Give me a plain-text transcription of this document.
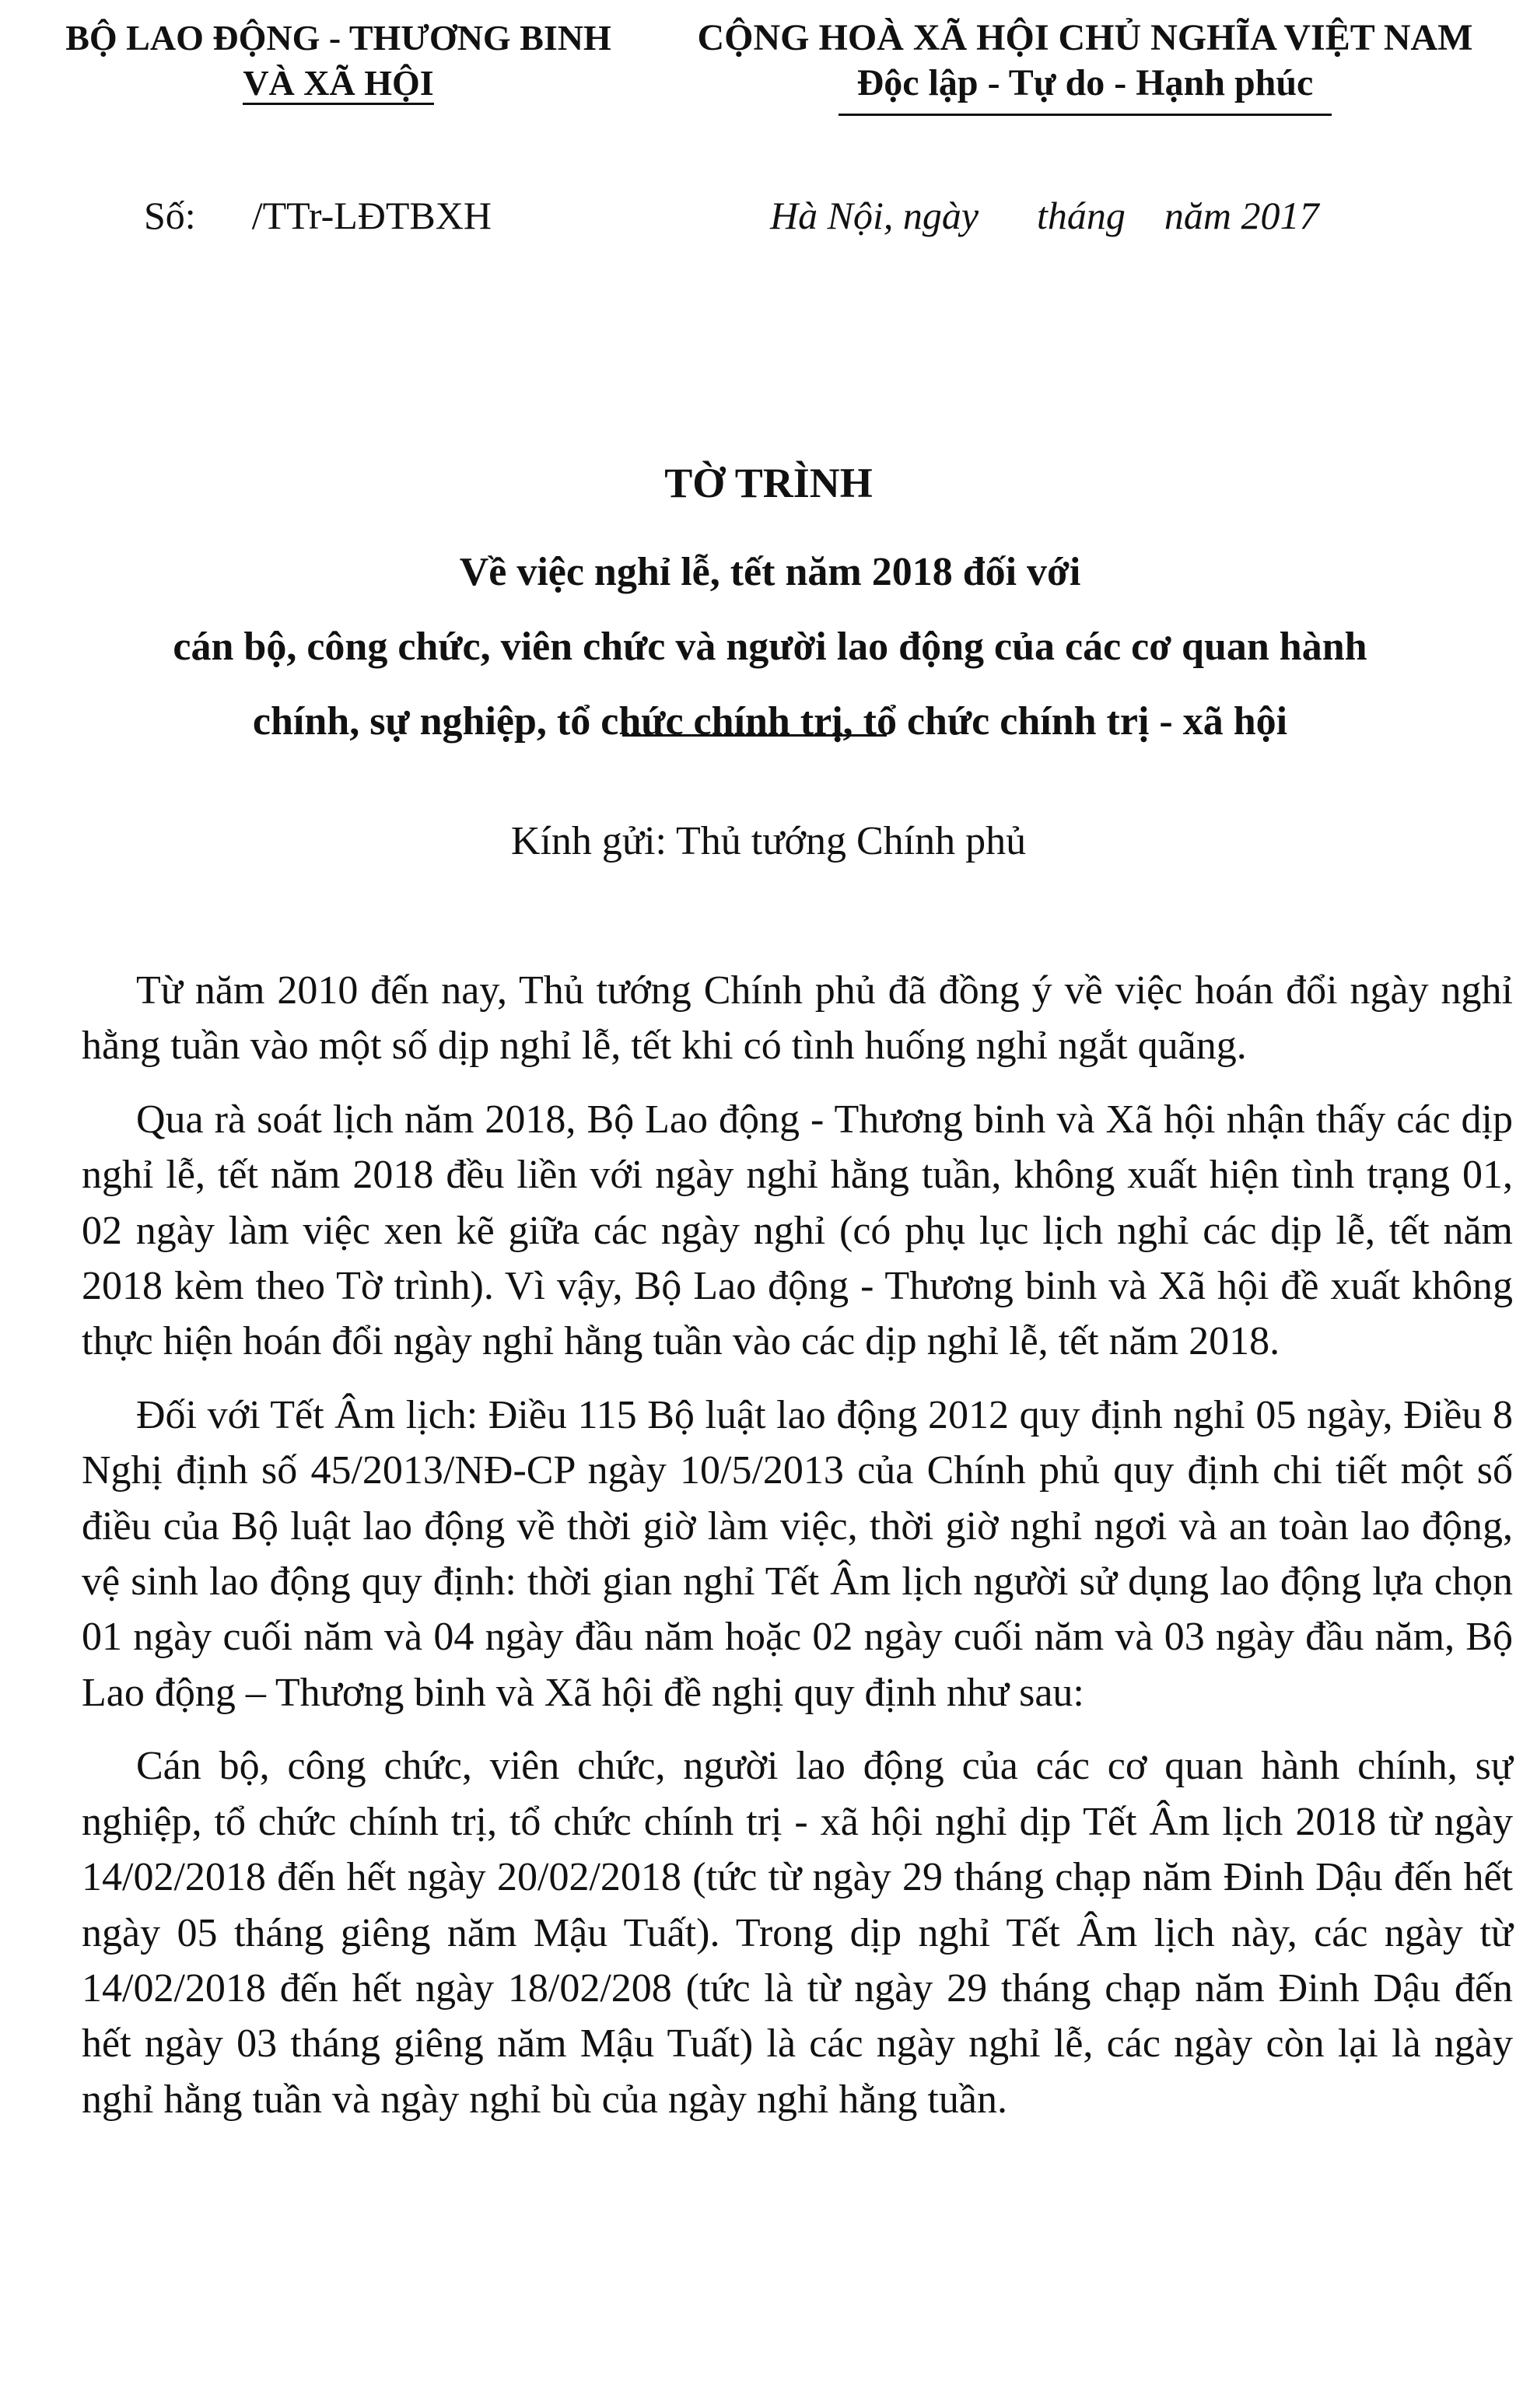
BỘ LAO ĐỘNG - THƯƠNG BINH
VÀ XÃ HỘI
CỘNG HOÀ XÃ HỘI CHỦ NGHĨA VIỆT NAM
Độc lập - Tự do - Hạnh phúc
Số: /TTr-LĐTBXH	Hà Nội, ngày      tháng    năm 2017
TỜ TRÌNH
Về việc nghỉ lễ, tết năm 2018 đối với
cán bộ, công chức, viên chức và người lao động của các cơ quan hành
chính, sự nghiệp, tổ chức chính trị, tổ chức chính trị - xã hội
Kính gửi: Thủ tướng Chính phủ

Từ năm 2010 đến nay, Thủ tướng Chính phủ đã đồng ý về việc hoán đổi ngày nghỉ hằng tuần vào một số dịp nghỉ lễ, tết khi có tình huống nghỉ ngắt quãng.

Qua rà soát lịch năm 2018, Bộ Lao động - Thương binh và Xã hội nhận thấy các dịp nghỉ lễ, tết năm 2018 đều liền với ngày nghỉ hằng tuần, không xuất hiện tình trạng 01, 02 ngày làm việc xen kẽ giữa các ngày nghỉ (có phụ lục lịch nghỉ các dịp lễ, tết năm 2018 kèm theo Tờ trình). Vì vậy, Bộ Lao động - Thương binh và Xã hội đề xuất không thực hiện hoán đổi ngày nghỉ hằng tuần vào các dịp nghỉ lễ, tết năm 2018.

Đối với Tết Âm lịch: Điều 115 Bộ luật lao động 2012 quy định nghỉ 05 ngày, Điều 8 Nghị định số 45/2013/NĐ-CP ngày 10/5/2013 của Chính phủ quy định chi tiết một số điều của Bộ luật lao động về thời giờ làm việc, thời giờ nghỉ ngơi và an toàn lao động, vệ sinh lao động quy định: thời gian nghỉ Tết Âm lịch người sử dụng lao động lựa chọn 01 ngày cuối năm và 04 ngày đầu năm hoặc 02 ngày cuối năm và 03 ngày đầu năm, Bộ Lao động – Thương binh và Xã hội đề nghị quy định như sau:

Cán bộ, công chức, viên chức, người lao động của các cơ quan hành chính, sự nghiệp, tổ chức chính trị, tổ chức chính trị - xã hội nghỉ dịp Tết Âm lịch 2018 từ ngày 14/02/2018 đến hết ngày 20/02/2018 (tức từ ngày 29 tháng chạp năm Đinh Dậu đến hết ngày 05 tháng giêng năm Mậu Tuất). Trong dịp nghỉ Tết Âm lịch này, các ngày từ 14/02/2018 đến hết ngày 18/02/208 (tức là từ ngày 29 tháng chạp năm Đinh Dậu đến hết ngày 03 tháng giêng năm Mậu Tuất) là các ngày nghỉ lễ, các ngày còn lại là ngày nghỉ hằng tuần và ngày nghỉ bù của ngày nghỉ hằng tuần.
